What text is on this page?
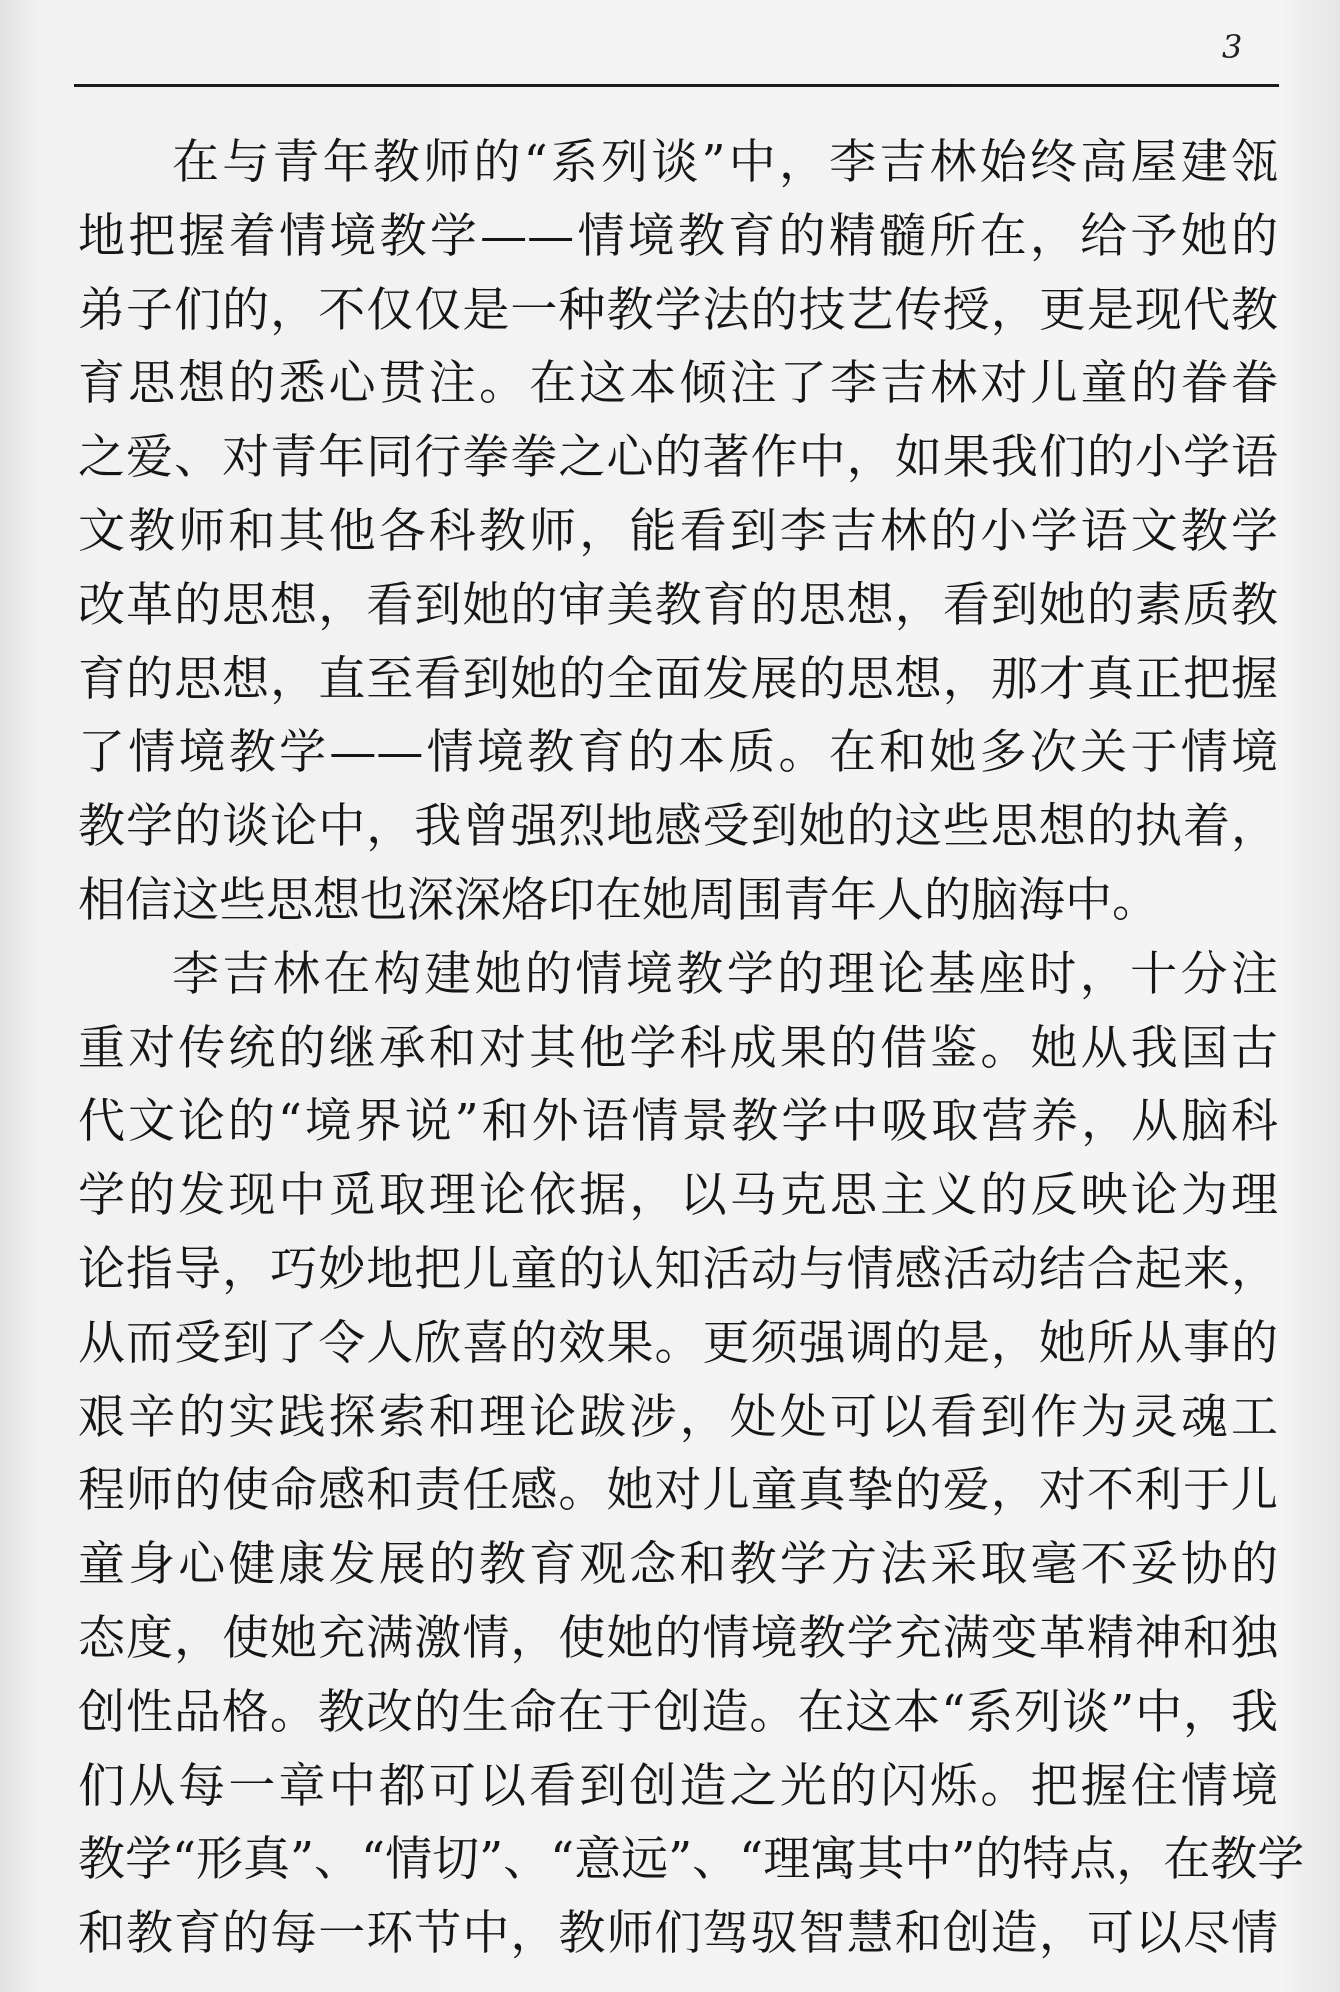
3
在与青年教师的“系列谈”中，李吉林始终高屋建瓴
地把握着情境教学——情境教育的精髓所在，给予她的
弟子们的，不仅仅是一种教学法的技艺传授，更是现代教
育思想的悉心贯注。在这本倾注了李吉林对儿童的眷眷
之爱、对青年同行拳拳之心的著作中，如果我们的小学语
文教师和其他各科教师，能看到李吉林的小学语文教学
改革的思想，看到她的审美教育的思想，看到她的素质教
育的思想，直至看到她的全面发展的思想，那才真正把握
了情境教学——情境教育的本质。在和她多次关于情境
教学的谈论中，我曾强烈地感受到她的这些思想的执着，
相信这些思想也深深烙印在她周围青年人的脑海中。
李吉林在构建她的情境教学的理论基座时，十分注
重对传统的继承和对其他学科成果的借鉴。她从我国古
代文论的“境界说”和外语情景教学中吸取营养，从脑科
学的发现中觅取理论依据，以马克思主义的反映论为理
论指导，巧妙地把儿童的认知活动与情感活动结合起来，
从而受到了令人欣喜的效果。更须强调的是，她所从事的
艰辛的实践探索和理论跋涉，处处可以看到作为灵魂工
程师的使命感和责任感。她对儿童真挚的爱，对不利于儿
童身心健康发展的教育观念和教学方法采取毫不妥协的
态度，使她充满激情，使她的情境教学充满变革精神和独
创性品格。教改的生命在于创造。在这本“系列谈”中，我
们从每一章中都可以看到创造之光的闪烁。把握住情境
教学“形真”、“情切”、“意远”、“理寓其中”的特点，在教学
和教育的每一环节中，教师们驾驭智慧和创造，可以尽情
